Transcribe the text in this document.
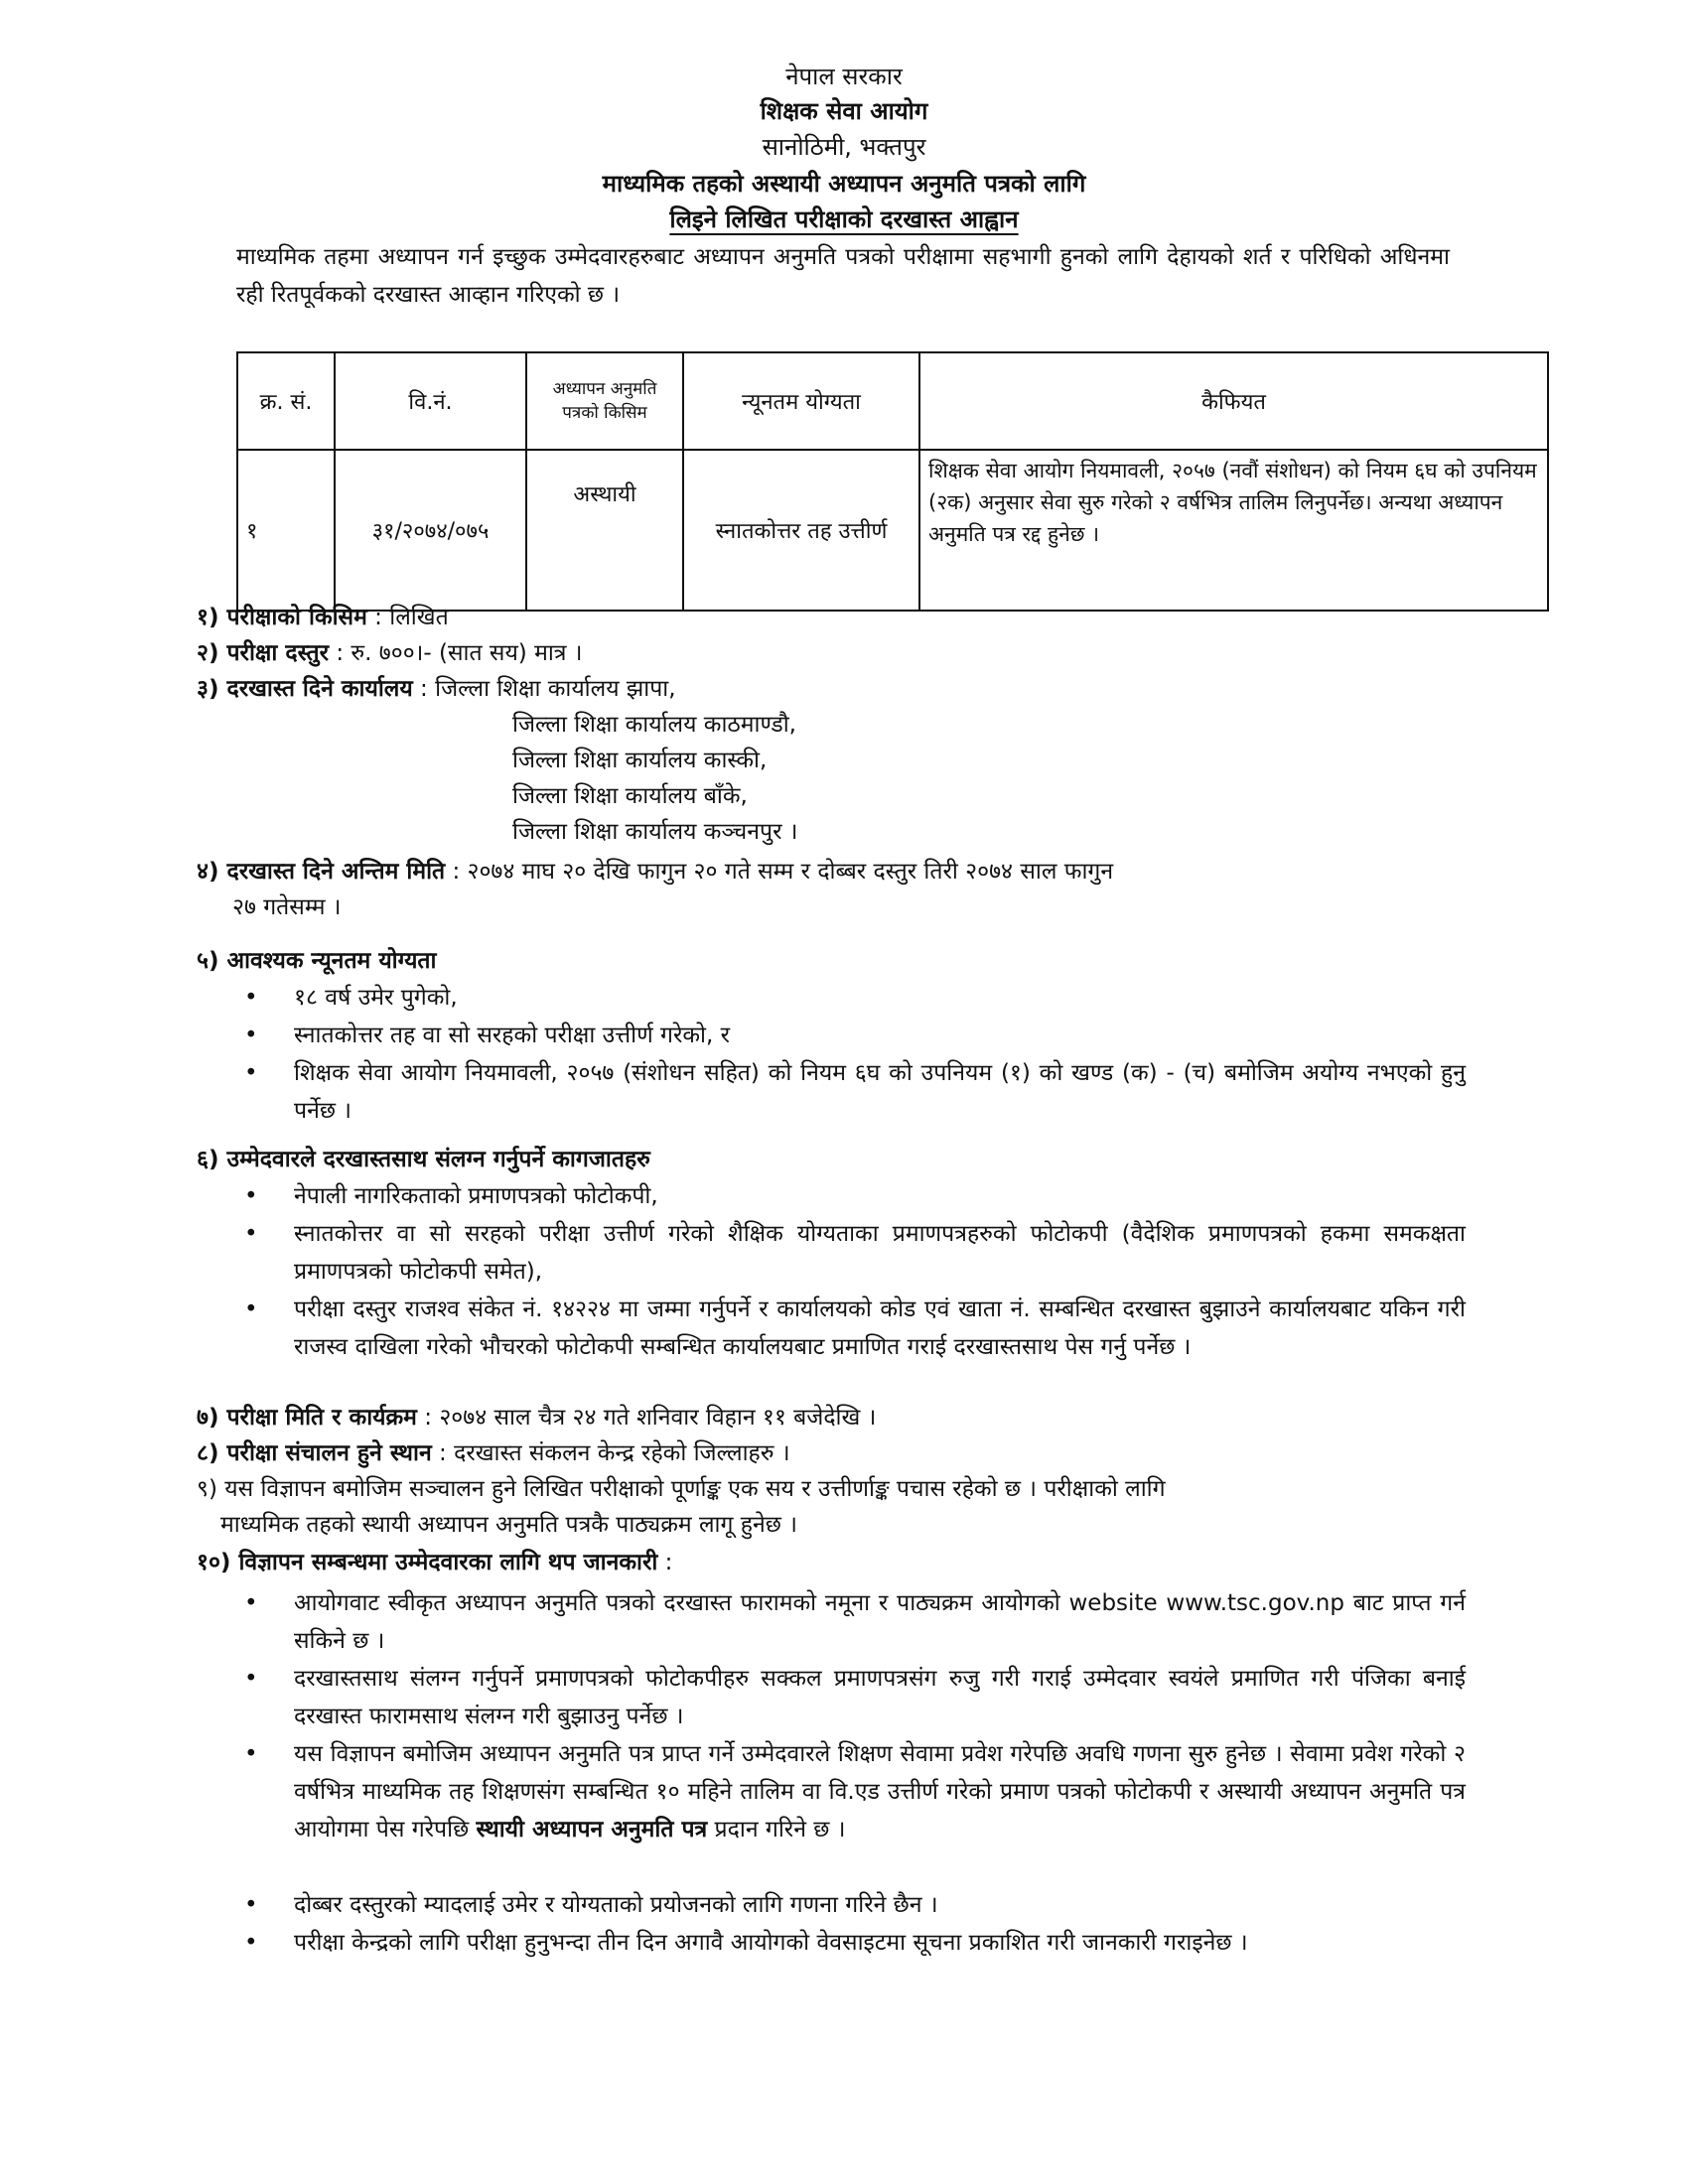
नेपाल सरकार
शिक्षक सेवा आयोग
सानोठिमी, भक्तपुर
माध्यमिक तहको अस्थायी अध्यापन अनुमति पत्रको लागि
लिइने लिखित परीक्षाको दरखास्त आह्वान
माध्यमिक तहमा अध्यापन गर्न इच्छुक उम्मेदवारहरुबाट अध्यापन अनुमति पत्रको परीक्षामा सहभागी हुनको लागि देहायको शर्त र परिधिको अधिनमा रही रितपूर्वकको दरखास्त आव्हान गरिएको छ ।
क्र. सं.	वि.नं.	अध्यापन अनुमति पत्रको किसिम	न्यूनतम योग्यता	कैफियत
१	३१/२०७४/०७५	अस्थायी	स्नातकोत्तर तह उत्तीर्ण	शिक्षक सेवा आयोग नियमावली, २०५७ (नवौं संशोधन) को नियम ६घ को उपनियम (२क) अनुसार सेवा सुरु गरेको २ वर्षभित्र तालिम लिनुपर्नेछ। अन्यथा अध्यापन अनुमति पत्र रद्द हुनेछ ।
१) परीक्षाको किसिम : लिखित
२) परीक्षा दस्तुर : रु. ७००।- (सात सय) मात्र ।
३) दरखास्त दिने कार्यालय : जिल्ला शिक्षा कार्यालय झापा,
जिल्ला शिक्षा कार्यालय काठमाण्डौ,
जिल्ला शिक्षा कार्यालय कास्की,
जिल्ला शिक्षा कार्यालय बाँके,
जिल्ला शिक्षा कार्यालय कञ्चनपुर ।
४) दरखास्त दिने अन्तिम मिति : २०७४ माघ २० देखि फागुन २० गते सम्म र दोब्बर दस्तुर तिरी २०७४ साल फागुन
२७ गतेसम्म ।
५) आवश्यक न्यूनतम योग्यता
•	१८ वर्ष उमेर पुगेको,
•	स्नातकोत्तर तह वा सो सरहको परीक्षा उत्तीर्ण गरेको, र
•	शिक्षक सेवा आयोग नियमावली, २०५७ (संशोधन सहित) को नियम ६घ को उपनियम (१) को खण्ड (क) - (च) बमोजिम अयोग्य नभएको हुनु पर्नेछ ।
६) उम्मेदवारले दरखास्तसाथ संलग्न गर्नुपर्ने कागजातहरु
•	नेपाली नागरिकताको प्रमाणपत्रको फोटोकपी,
•	स्नातकोत्तर वा सो सरहको परीक्षा उत्तीर्ण गरेको शैक्षिक योग्यताका प्रमाणपत्रहरुको फोटोकपी (वैदेशिक प्रमाणपत्रको हकमा समकक्षता प्रमाणपत्रको फोटोकपी समेत),
•	परीक्षा दस्तुर राजश्व संकेत नं. १४२२४ मा जम्मा गर्नुपर्ने र कार्यालयको कोड एवं खाता नं. सम्बन्धित दरखास्त बुझाउने कार्यालयबाट यकिन गरी राजस्व दाखिला गरेको भौचरको फोटोकपी सम्बन्धित कार्यालयबाट प्रमाणित गराई दरखास्तसाथ पेस गर्नु पर्नेछ ।
७) परीक्षा मिति र कार्यक्रम : २०७४ साल चैत्र २४ गते शनिवार विहान ११ बजेदेखि ।
८) परीक्षा संचालन हुने स्थान : दरखास्त संकलन केन्द्र रहेको जिल्लाहरु ।
९) यस विज्ञापन बमोजिम सञ्चालन हुने लिखित परीक्षाको पूर्णाङ्क एक सय र उत्तीर्णाङ्क पचास रहेको छ । परीक्षाको लागि
माध्यमिक तहको स्थायी अध्यापन अनुमति पत्रकै पाठ्यक्रम लागू हुनेछ ।
१०) विज्ञापन सम्बन्धमा उम्मेदवारका लागि थप जानकारी :
•	आयोगवाट स्वीकृत अध्यापन अनुमति पत्रको दरखास्त फारामको नमूना र पाठ्यक्रम आयोगको website www.tsc.gov.np बाट प्राप्त गर्न सकिने छ ।
•	दरखास्तसाथ संलग्न गर्नुपर्ने प्रमाणपत्रको फोटोकपीहरु सक्कल प्रमाणपत्रसंग रुजु गरी गराई उम्मेदवार स्वयंले प्रमाणित गरी पंजिका बनाई दरखास्त फारामसाथ संलग्न गरी बुझाउनु पर्नेछ ।
•	यस विज्ञापन बमोजिम अध्यापन अनुमति पत्र प्राप्त गर्ने उम्मेदवारले शिक्षण सेवामा प्रवेश गरेपछि अवधि गणना सुरु हुनेछ । सेवामा प्रवेश गरेको २ वर्षभित्र माध्यमिक तह शिक्षणसंग सम्बन्धित १० महिने तालिम वा वि.एड उत्तीर्ण गरेको प्रमाण पत्रको फोटोकपी र अस्थायी अध्यापन अनुमति पत्र आयोगमा पेस गरेपछि स्थायी अध्यापन अनुमति पत्र प्रदान गरिने छ ।
•	दोब्बर दस्तुरको म्यादलाई उमेर र योग्यताको प्रयोजनको लागि गणना गरिने छैन ।
•	परीक्षा केन्द्रको लागि परीक्षा हुनुभन्दा तीन दिन अगावै आयोगको वेवसाइटमा सूचना प्रकाशित गरी जानकारी गराइनेछ ।
